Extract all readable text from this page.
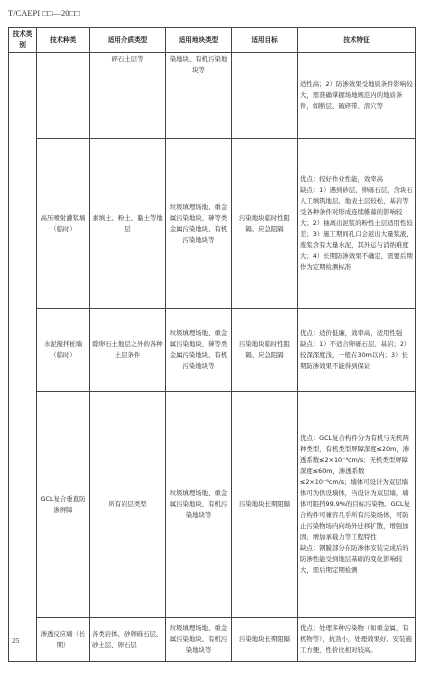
T/CAEPI □□—20□□
技术类别	技术种类	适用介质类型	适用地块类型	适用目标	技术特征
		碎石土层等	染地块、有机污染地块等		适性高；2）防渗效果受地质条件影响较大，需准确掌握场地规范内的地质条件，如断层、破碎带、溶穴等

	高压喷射灌浆墙（临时）	素填土、粉土、黏土等地层	垃圾填埋场地、重金属污染地块、砷等类金属污染地块、有机污染地块等	污染地块临时性阻隔、应急阻隔	优点：较好作业性能，效率高
缺点：1）遇到砂层、卵砾石层，含块石人工填筑地层、地表土层较松、基岩等受各种条件对形成连续帷幕的影响较大；2）抽离出泥浆的粉性土层适用性较差；3）施工期间孔口会返出大量浆液，废浆含有大量水泥，其外运与消纳难度大；4）长期防渗效果不确定，需要后期作为定期检测标准

	水泥搅拌桩墙（临时）	除卵石土地层之外的各种土层条件	垃圾填埋场地、重金属污染地块、砷等类金属污染地块、有机污染地块等	污染地块临时性阻隔、应急阻隔	优点：适价低廉，效率高，适用性强
缺点：1）不适合卵砾石层、基岩；2）较深深度浅，一般在30m以内；3）长期防渗效果不能得到保证

	GCL复合垂直防渗屏障	所有岩层类型	垃圾填埋场地、重金属污染地块、有机污染地块等	污染地块长期阻隔	优点：GCL复合构件分为有机与无机两种类型，有机类型屏障深度≤20m，渗透系数≤2×10⁻⁹cm/s；无机类型屏障深度≤60m，渗透系数≤2×10⁻⁸cm/s；墙体可设计为双层墙体可为供设墙体，当设计为双层墙，墙体可阻挡99.9%的目标污染物。GCL复合构件可兼容几乎所有污染场体，可防止污染物场内向场外迁移扩散，增强加固、增加承载力等工程特性
缺点：钢膜部分在防渗体安装完成后的防渗性能受到地层基础的变化影响较大，需后期定期检测

	渗透反应墙（长期）	各类岩体、砂卵砾石层、砂土层、卵石层	垃圾填埋场地、重金属污染地块、有机污染地块等	污染地块长期阻隔	优点：处理多种污染物（如重金属、有机物等），抗劲小，处理效果好、安装施工方便，性价比相对较高。
25
